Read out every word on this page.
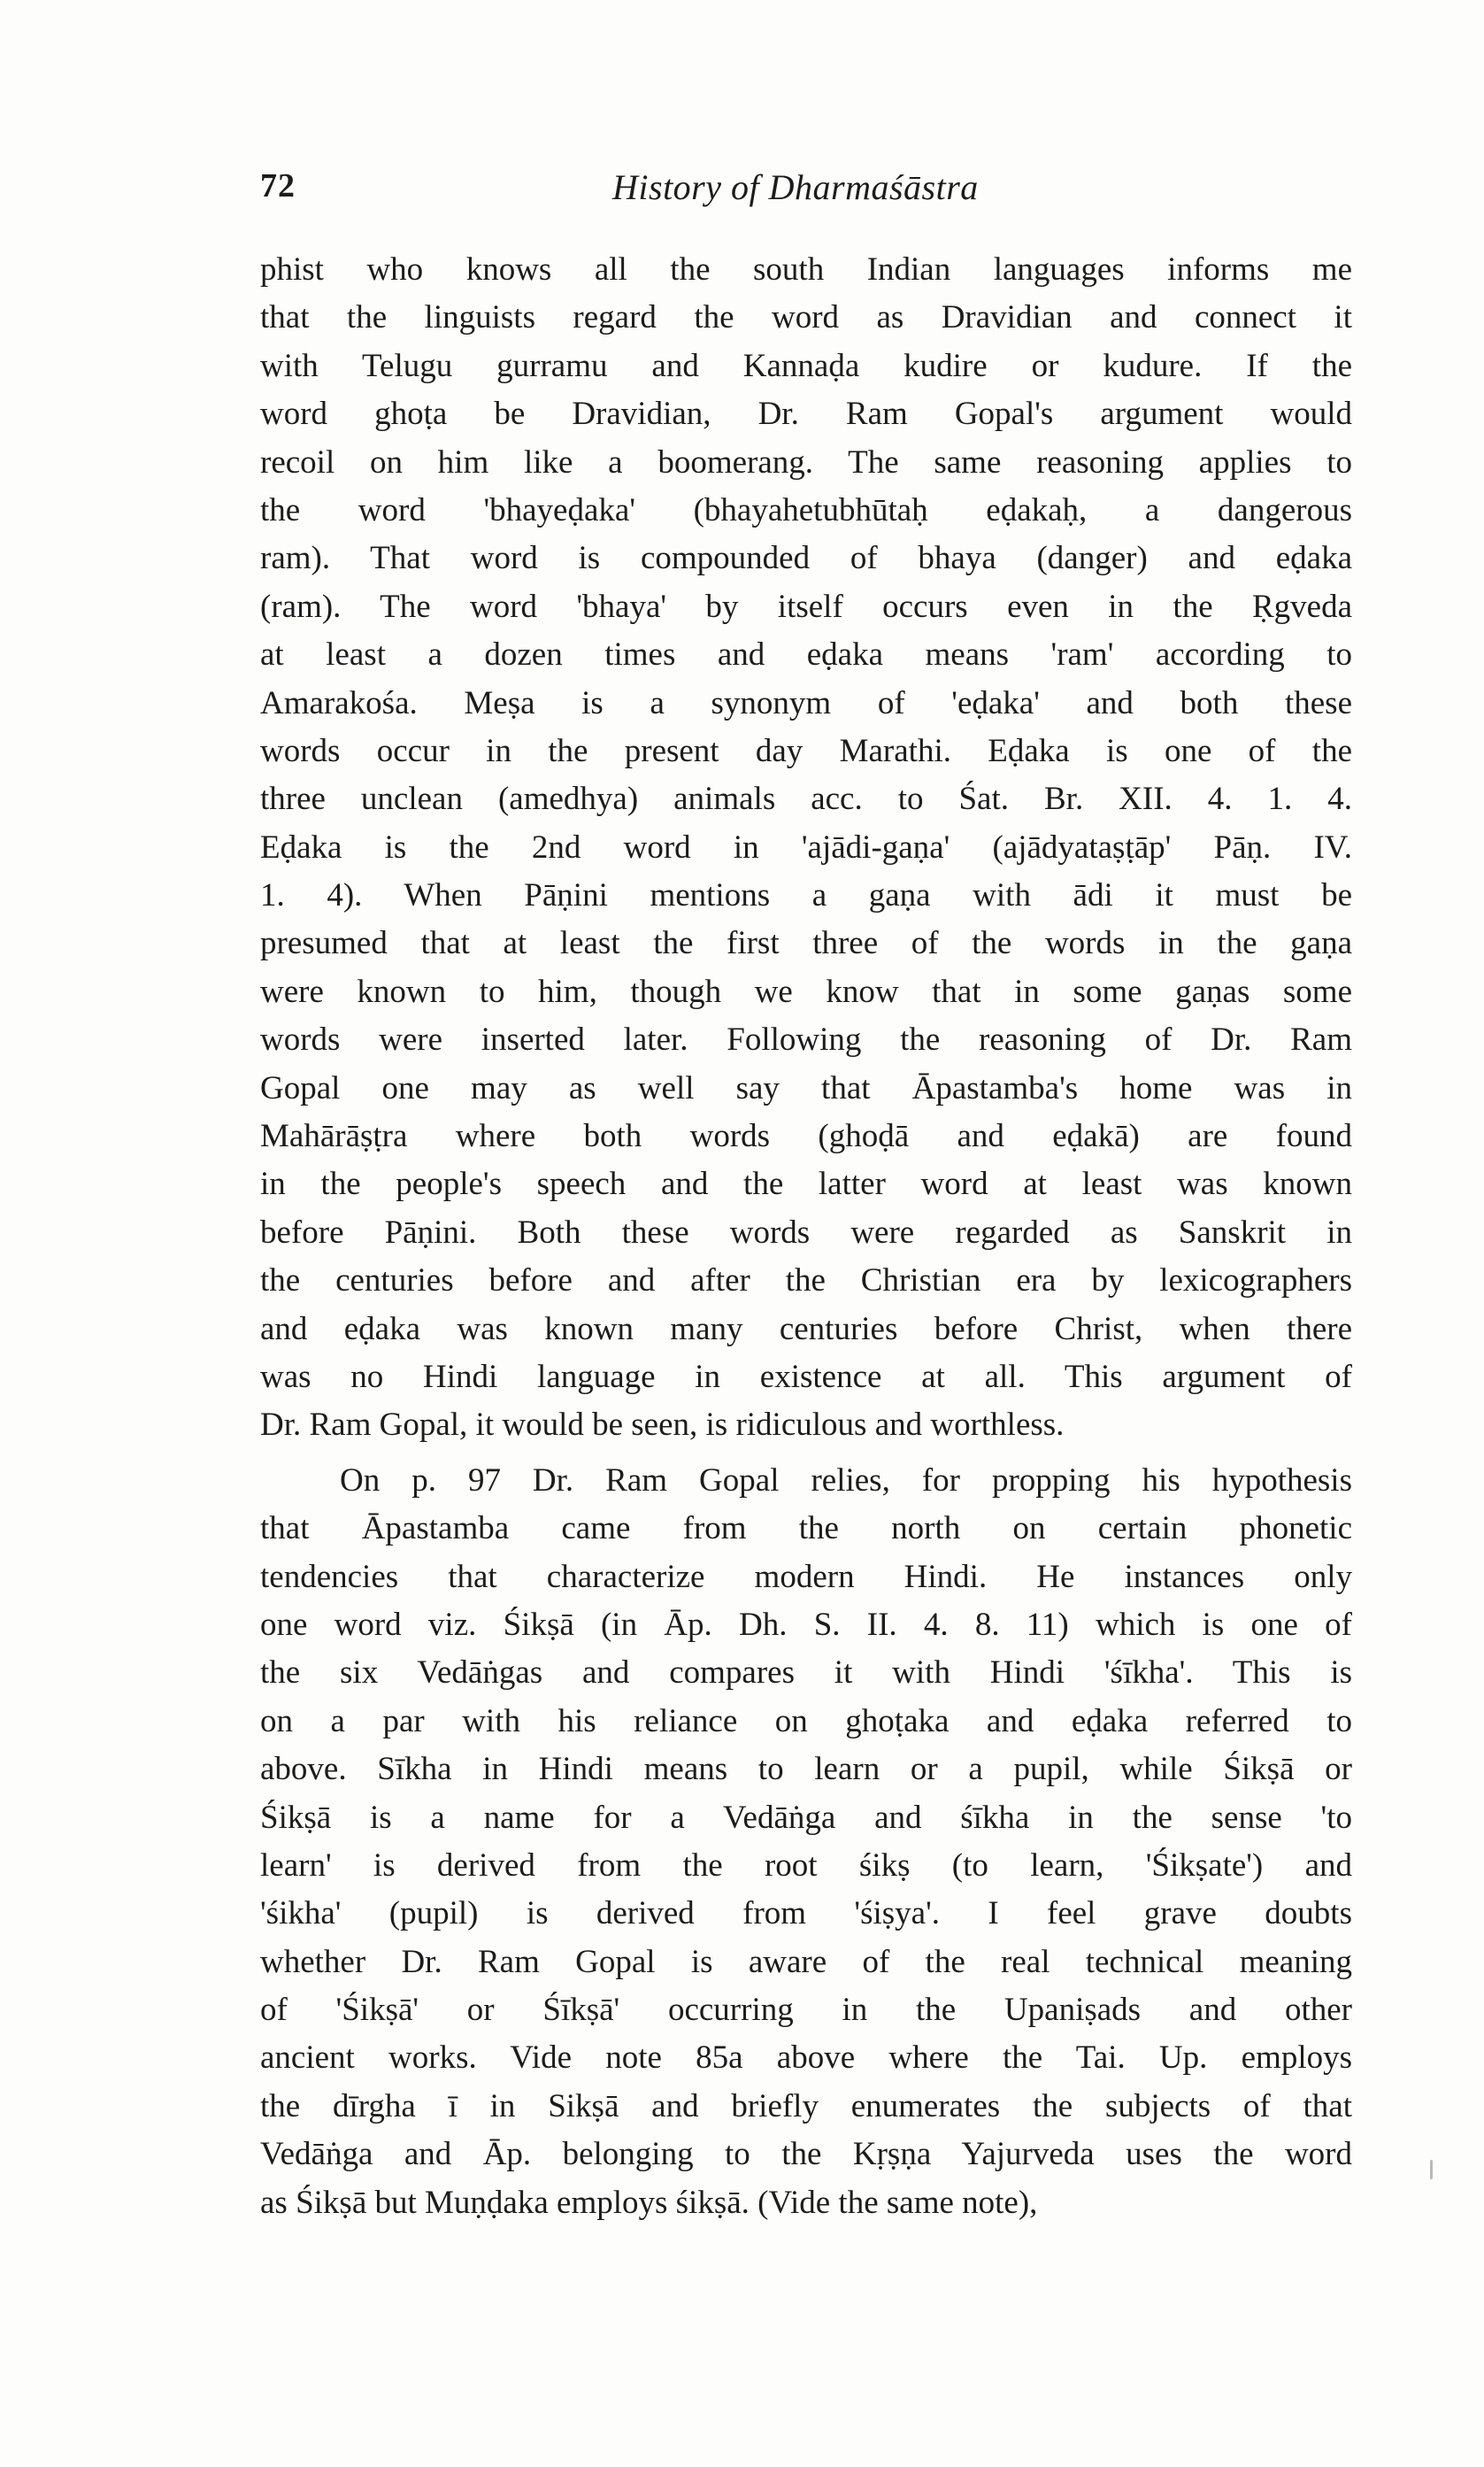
72	History of Dharmaśāstra

phist who knows all the south Indian languages informs me
that the linguists regard the word as Dravidian and connect it
with Telugu gurramu and Kannaḍa kudire or kudure. If the
word ghoṭa be Dravidian, Dr. Ram Gopal's argument would
recoil on him like a boomerang. The same reasoning applies to
the word 'bhayeḍaka' (bhayahetubhūtaḥ eḍakaḥ, a dangerous
ram). That word is compounded of bhaya (danger) and eḍaka
(ram). The word 'bhaya' by itself occurs even in the Ṛgveda
at least a dozen times and eḍaka means 'ram' according to
Amarakośa. Meṣa is a synonym of 'eḍaka' and both these
words occur in the present day Marathi. Eḍaka is one of the
three unclean (amedhya) animals acc. to Śat. Br. XII. 4. 1. 4.
Eḍaka is the 2nd word in 'ajādi-gaṇa' (ajādyataṣṭāp' Pāṇ. IV.
1. 4). When Pāṇini mentions a gaṇa with ādi it must be
presumed that at least the first three of the words in the gaṇa
were known to him, though we know that in some gaṇas some
words were inserted later. Following the reasoning of Dr. Ram
Gopal one may as well say that Āpastamba's home was in
Mahārāṣṭra where both words (ghoḍā and eḍakā) are found
in the people's speech and the latter word at least was known
before Pāṇini. Both these words were regarded as Sanskrit in
the centuries before and after the Christian era by lexicographers
and eḍaka was known many centuries before Christ, when there
was no Hindi language in existence at all. This argument of
Dr. Ram Gopal, it would be seen, is ridiculous and worthless.

On p. 97 Dr. Ram Gopal relies, for propping his hypothesis
that Āpastamba came from the north on certain phonetic
tendencies that characterize modern Hindi. He instances only
one word viz. Śikṣā (in Āp. Dh. S. II. 4. 8. 11) which is one of
the six Vedāṅgas and compares it with Hindi 'śīkha'. This is
on a par with his reliance on ghoṭaka and eḍaka referred to
above. Sīkha in Hindi means to learn or a pupil, while Śikṣā or
Śikṣā is a name for a Vedāṅga and śīkha in the sense 'to
learn' is derived from the root śikṣ (to learn, 'Śikṣate') and
'śikha' (pupil) is derived from 'śiṣya'. I feel grave doubts
whether Dr. Ram Gopal is aware of the real technical meaning
of 'Śikṣā' or Śīkṣā' occurring in the Upaniṣads and other
ancient works. Vide note 85a above where the Tai. Up. employs
the dīrgha ī in Sikṣā and briefly enumerates the subjects of that
Vedāṅga and Āp. belonging to the Kṛṣṇa Yajurveda uses the word
as Śikṣā but Muṇḍaka employs śikṣā. (Vide the same note),
